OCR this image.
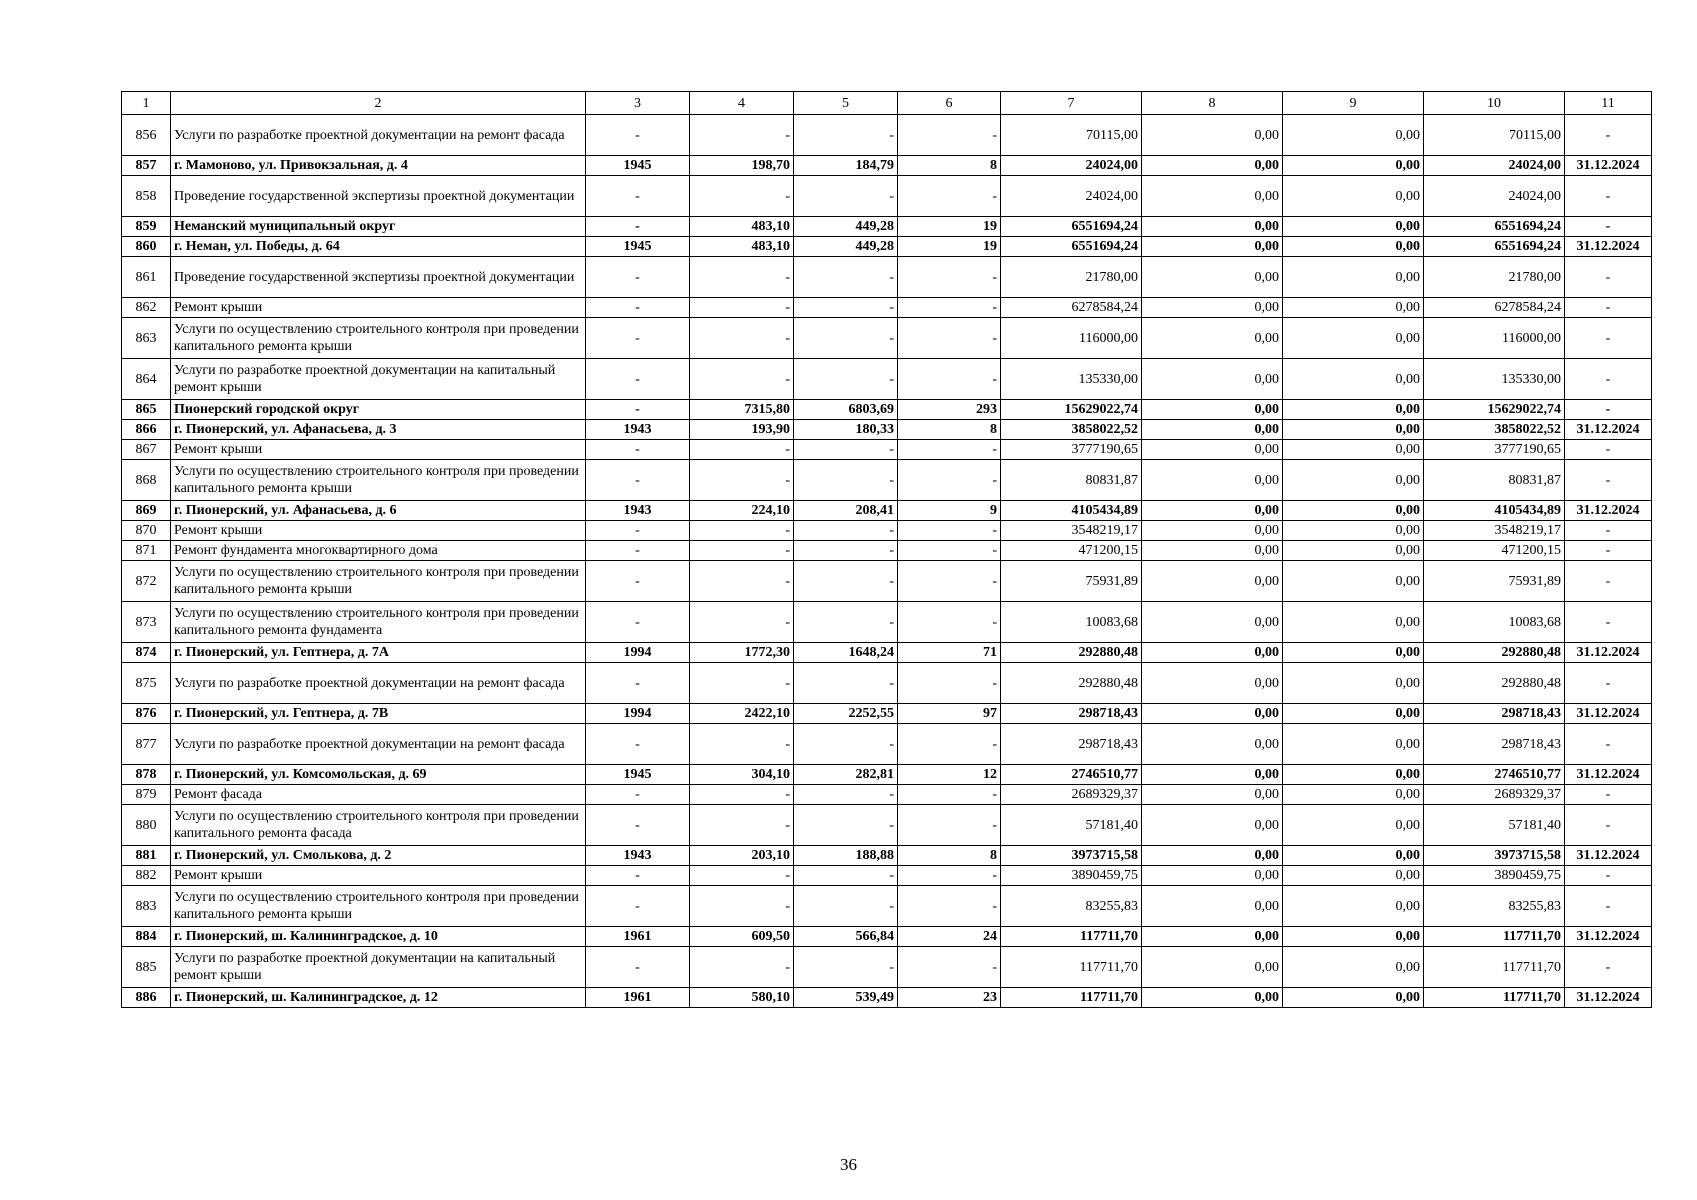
1	2	3	4	5	6	7	8	9	10	11
856	Услуги по разработке проектной документации на ремонт фасада	-	-	-	-	70115,00	0,00	0,00	70115,00	-
857	г. Мамоново, ул. Привокзальная, д. 4	1945	198,70	184,79	8	24024,00	0,00	0,00	24024,00	31.12.2024
858	Проведение государственной экспертизы проектной документации	-	-	-	-	24024,00	0,00	0,00	24024,00	-
859	Неманский муниципальный округ	-	483,10	449,28	19	6551694,24	0,00	0,00	6551694,24	-
860	г. Неман, ул. Победы, д. 64	1945	483,10	449,28	19	6551694,24	0,00	0,00	6551694,24	31.12.2024
861	Проведение государственной экспертизы проектной документации	-	-	-	-	21780,00	0,00	0,00	21780,00	-
862	Ремонт крыши	-	-	-	-	6278584,24	0,00	0,00	6278584,24	-
863	Услуги по осуществлению строительного контроля при проведении капитального ремонта крыши	-	-	-	-	116000,00	0,00	0,00	116000,00	-
864	Услуги по разработке проектной документации на капитальный ремонт крыши	-	-	-	-	135330,00	0,00	0,00	135330,00	-
865	Пионерский городской округ	-	7315,80	6803,69	293	15629022,74	0,00	0,00	15629022,74	-
866	г. Пионерский, ул. Афанасьева, д. 3	1943	193,90	180,33	8	3858022,52	0,00	0,00	3858022,52	31.12.2024
867	Ремонт крыши	-	-	-	-	3777190,65	0,00	0,00	3777190,65	-
868	Услуги по осуществлению строительного контроля при проведении капитального ремонта крыши	-	-	-	-	80831,87	0,00	0,00	80831,87	-
869	г. Пионерский, ул. Афанасьева, д. 6	1943	224,10	208,41	9	4105434,89	0,00	0,00	4105434,89	31.12.2024
870	Ремонт крыши	-	-	-	-	3548219,17	0,00	0,00	3548219,17	-
871	Ремонт фундамента многоквартирного дома	-	-	-	-	471200,15	0,00	0,00	471200,15	-
872	Услуги по осуществлению строительного контроля при проведении капитального ремонта крыши	-	-	-	-	75931,89	0,00	0,00	75931,89	-
873	Услуги по осуществлению строительного контроля при проведении капитального ремонта фундамента	-	-	-	-	10083,68	0,00	0,00	10083,68	-
874	г. Пионерский, ул. Гептнера, д. 7А	1994	1772,30	1648,24	71	292880,48	0,00	0,00	292880,48	31.12.2024
875	Услуги по разработке проектной документации на ремонт фасада	-	-	-	-	292880,48	0,00	0,00	292880,48	-
876	г. Пионерский, ул. Гептнера, д. 7В	1994	2422,10	2252,55	97	298718,43	0,00	0,00	298718,43	31.12.2024
877	Услуги по разработке проектной документации на ремонт фасада	-	-	-	-	298718,43	0,00	0,00	298718,43	-
878	г. Пионерский, ул. Комсомольская, д. 69	1945	304,10	282,81	12	2746510,77	0,00	0,00	2746510,77	31.12.2024
879	Ремонт фасада	-	-	-	-	2689329,37	0,00	0,00	2689329,37	-
880	Услуги по осуществлению строительного контроля при проведении капитального ремонта фасада	-	-	-	-	57181,40	0,00	0,00	57181,40	-
881	г. Пионерский, ул. Смолькова, д. 2	1943	203,10	188,88	8	3973715,58	0,00	0,00	3973715,58	31.12.2024
882	Ремонт крыши	-	-	-	-	3890459,75	0,00	0,00	3890459,75	-
883	Услуги по осуществлению строительного контроля при проведении капитального ремонта крыши	-	-	-	-	83255,83	0,00	0,00	83255,83	-
884	г. Пионерский, ш. Калининградское, д. 10	1961	609,50	566,84	24	117711,70	0,00	0,00	117711,70	31.12.2024
885	Услуги по разработке проектной документации на капитальный ремонт крыши	-	-	-	-	117711,70	0,00	0,00	117711,70	-
886	г. Пионерский, ш. Калининградское, д. 12	1961	580,10	539,49	23	117711,70	0,00	0,00	117711,70	31.12.2024
36
